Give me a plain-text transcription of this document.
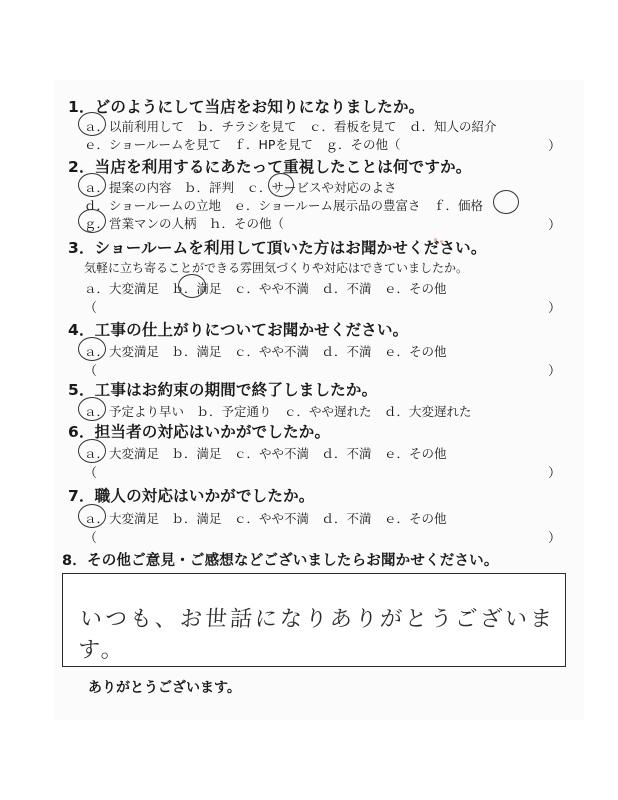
1．どのようにして当店をお知りになりましたか。
ａ．以前利用して　ｂ．チラシを見て　ｃ．看板を見て　ｄ．知人の紹介
ｅ．ショールームを見て　ｆ．HPを見て　ｇ．その他（	）
2．当店を利用するにあたって重視したことは何ですか。
ａ．提案の内容　ｂ．評判　ｃ．サービスや対応のよさ
ｄ．ショールームの立地　ｅ．ショールーム展示品の豊富さ　ｆ．価格
ｇ．営業マンの人柄　ｈ．その他（	）
3．ショールームを利用して頂いた方はお聞かせください。
気軽に立ち寄ることができる雰囲気づくりや対応はできていましたか。
ａ．大変満足　ｂ．満足　ｃ．やや不満　ｄ．不満　ｅ．その他
（	）
4．工事の仕上がりについてお聞かせください。
ａ．大変満足　ｂ．満足　ｃ．やや不満　ｄ．不満　ｅ．その他
（	）
5．工事はお約束の期間で終了しましたか。
ａ．予定より早い　ｂ．予定通り　ｃ．やや遅れた　ｄ．大変遅れた
6．担当者の対応はいかがでしたか。
ａ．大変満足　ｂ．満足　ｃ．やや不満　ｄ．不満　ｅ．その他
（	）
7．職人の対応はいかがでしたか。
ａ．大変満足　ｂ．満足　ｃ．やや不満　ｄ．不満　ｅ．その他
（	）
8．その他ご意見・ご感想などございましたらお聞かせください。
いつも、お世話になりありがとうございます。
ありがとうございます。
